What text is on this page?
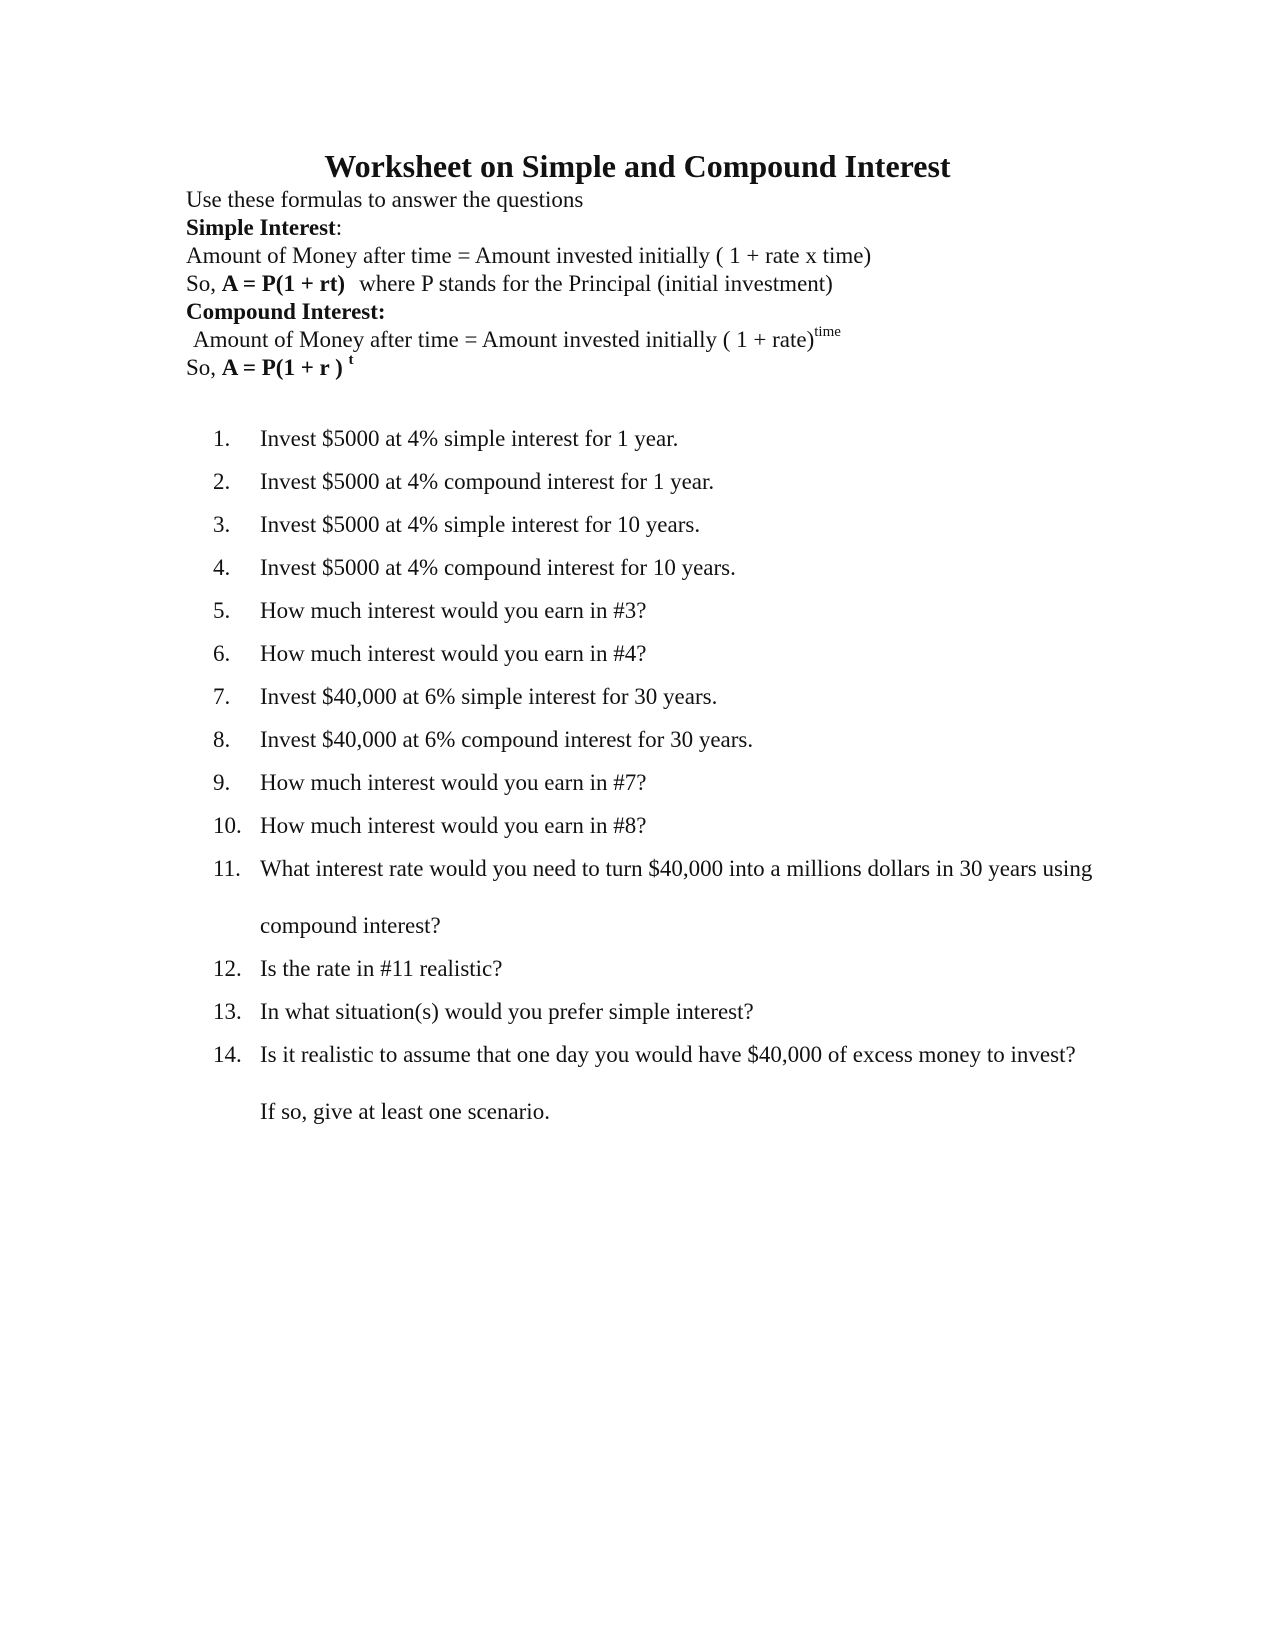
Worksheet on Simple and Compound Interest
Use these formulas to answer the questions
Simple Interest:
Amount of Money after time = Amount invested initially ( 1 + rate x time)
So, A = P(1 + rt) where P stands for the Principal (initial investment)
Compound Interest:
Amount of Money after time = Amount invested initially ( 1 + rate)$^{time}$
So, A = P(1 + r ) $^t$
1.	Invest $5000 at 4% simple interest for 1 year.
2.	Invest $5000 at 4% compound interest for 1 year.
3.	Invest $5000 at 4% simple interest for 10 years.
4.	Invest $5000 at 4% compound interest for 10 years.
5.	How much interest would you earn in #3?
6.	How much interest would you earn in #4?
7.	Invest $40,000 at 6% simple interest for 30 years.
8.	Invest $40,000 at 6% compound interest for 30 years.
9.	How much interest would you earn in #7?
10. How much interest would you earn in #8?
11. What interest rate would you need to turn $40,000 into a millions dollars in 30 years using compound interest?
12. Is the rate in #11 realistic?
13. In what situation(s) would you prefer simple interest?
14. Is it realistic to assume that one day you would have $40,000 of excess money to invest? If so, give at least one scenario.
